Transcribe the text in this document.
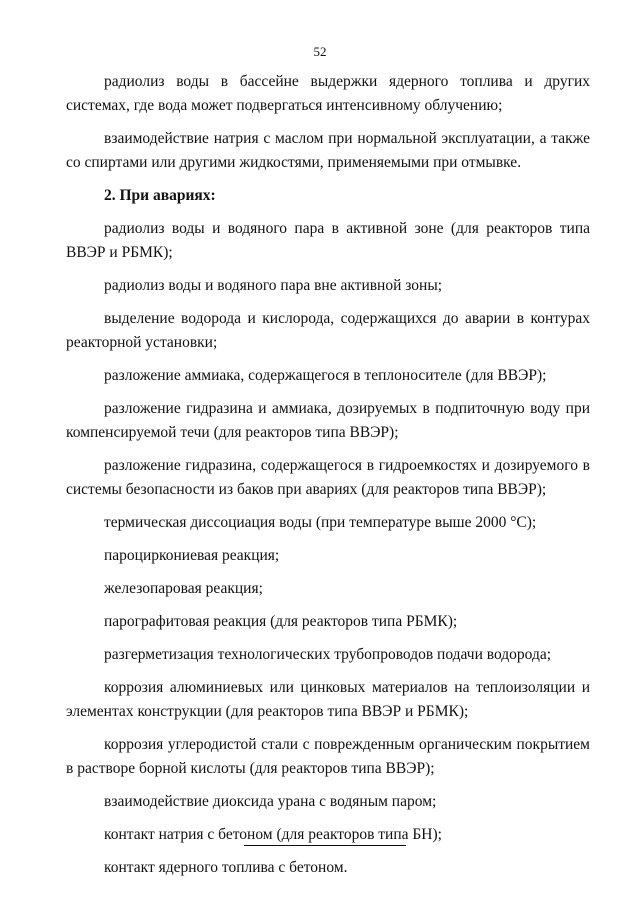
52

радиолиз воды в бассейне выдержки ядерного топлива и других системах, где вода может подвергаться интенсивному облучению;

взаимодействие натрия с маслом при нормальной эксплуатации, а также со спиртами или другими жидкостями, применяемыми при отмывке.

2. При авариях:

радиолиз воды и водяного пара в активной зоне (для реакторов типа ВВЭР и РБМК);

радиолиз воды и водяного пара вне активной зоны;

выделение водорода и кислорода, содержащихся до аварии в контурах реакторной установки;

разложение аммиака, содержащегося в теплоносителе (для ВВЭР);

разложение гидразина и аммиака, дозируемых в подпиточную воду при компенсируемой течи (для реакторов типа ВВЭР);

разложение гидразина, содержащегося в гидроемкостях и дозируемого в системы безопасности из баков при авариях (для реакторов типа ВВЭР);

термическая диссоциация воды (при температуре выше 2000 °С);

пароциркониевая реакция;

железопаровая реакция;

парографитовая реакция (для реакторов типа РБМК);

разгерметизация технологических трубопроводов подачи водорода;

коррозия алюминиевых или цинковых материалов на теплоизоляции и элементах конструкции (для реакторов типа ВВЭР и РБМК);

коррозия углеродистой стали с поврежденным органическим покрытием в растворе борной кислоты (для реакторов типа ВВЭР);

взаимодействие диоксида урана с водяным паром;

контакт натрия с бетоном (для реакторов типа БН);

контакт ядерного топлива с бетоном.
